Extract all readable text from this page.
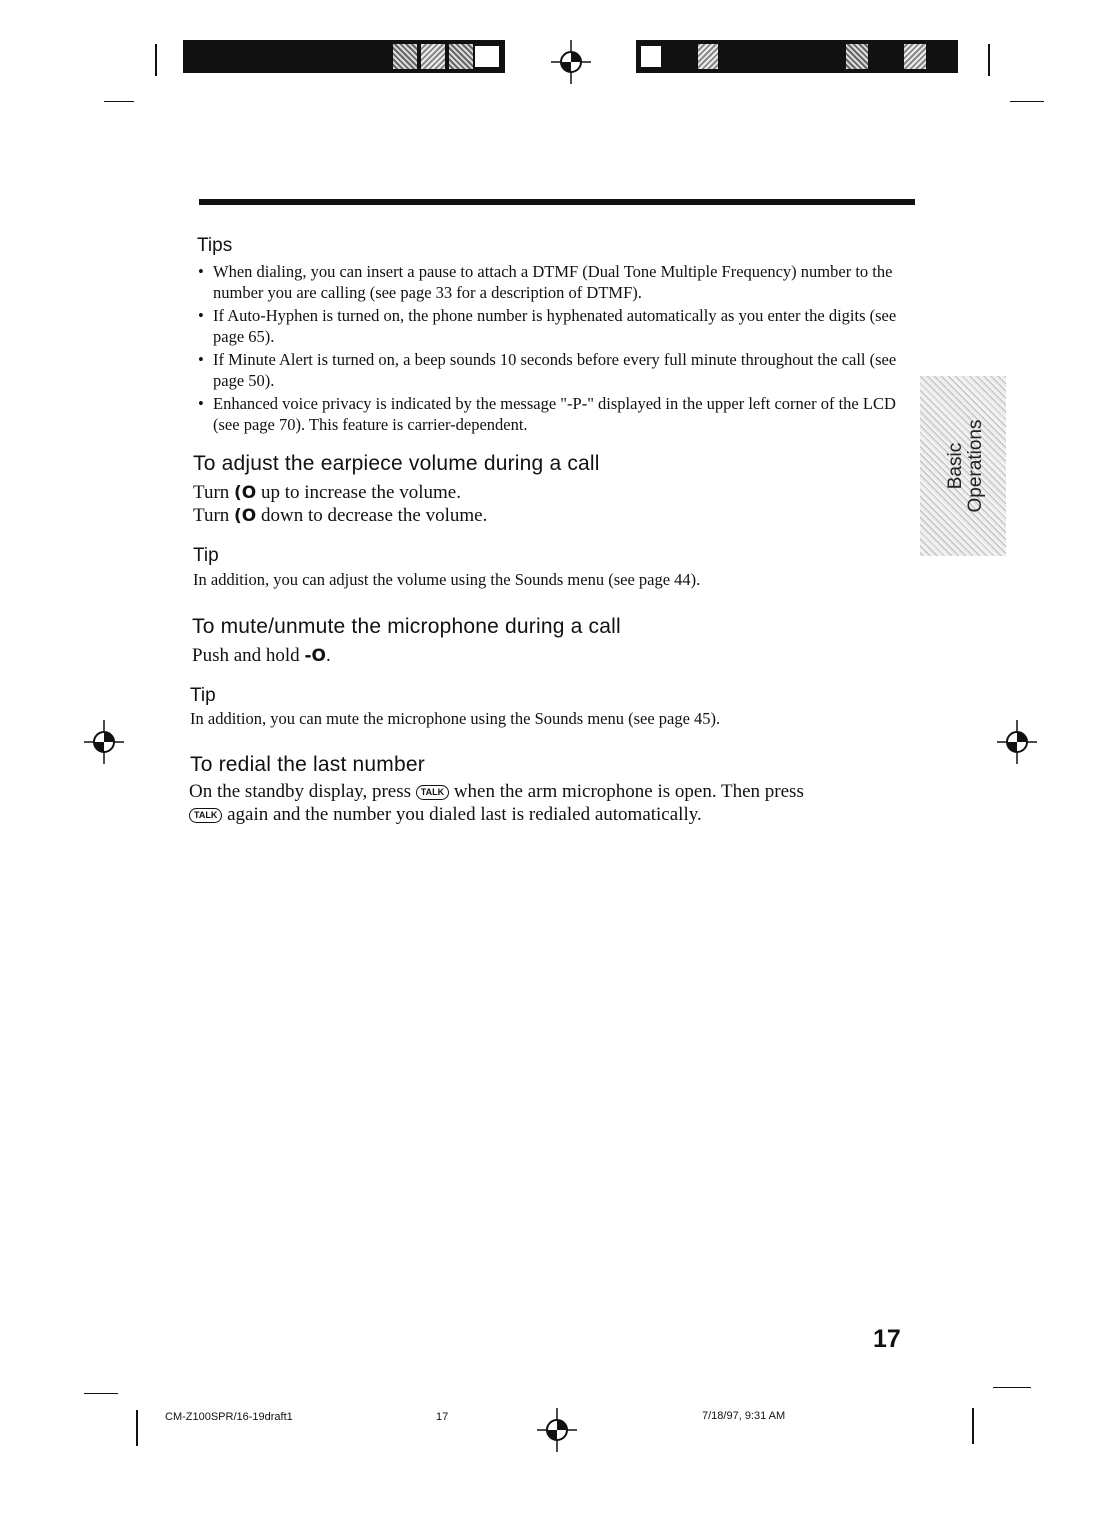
Tips
• When dialing, you can insert a pause to attach a DTMF (Dual Tone Multiple Frequency) number to the number you are calling (see page 33 for a description of DTMF).
• If Auto-Hyphen is turned on, the phone number is hyphenated automatically as you enter the digits (see page 65).
• If Minute Alert is turned on, a beep sounds 10 seconds before every full minute throughout the call (see page 50).
• Enhanced voice privacy is indicated by the message "-P-" displayed in the upper left corner of the LCD (see page 70). This feature is carrier-dependent.
To adjust the earpiece volume during a call
Turn (O up to increase the volume.
Turn (O down to decrease the volume.
Tip
In addition, you can adjust the volume using the Sounds menu (see page 44).
To mute/unmute the microphone during a call
Push and hold -O.
Tip
In addition, you can mute the microphone using the Sounds menu (see page 45).
To redial the last number
On the standby display, press TALK when the arm microphone is open. Then press
TALK again and the number you dialed last is redialed automatically.
Basic Operations
17
CM-Z100SPR/16-19draft1	17	7/18/97, 9:31 AM
